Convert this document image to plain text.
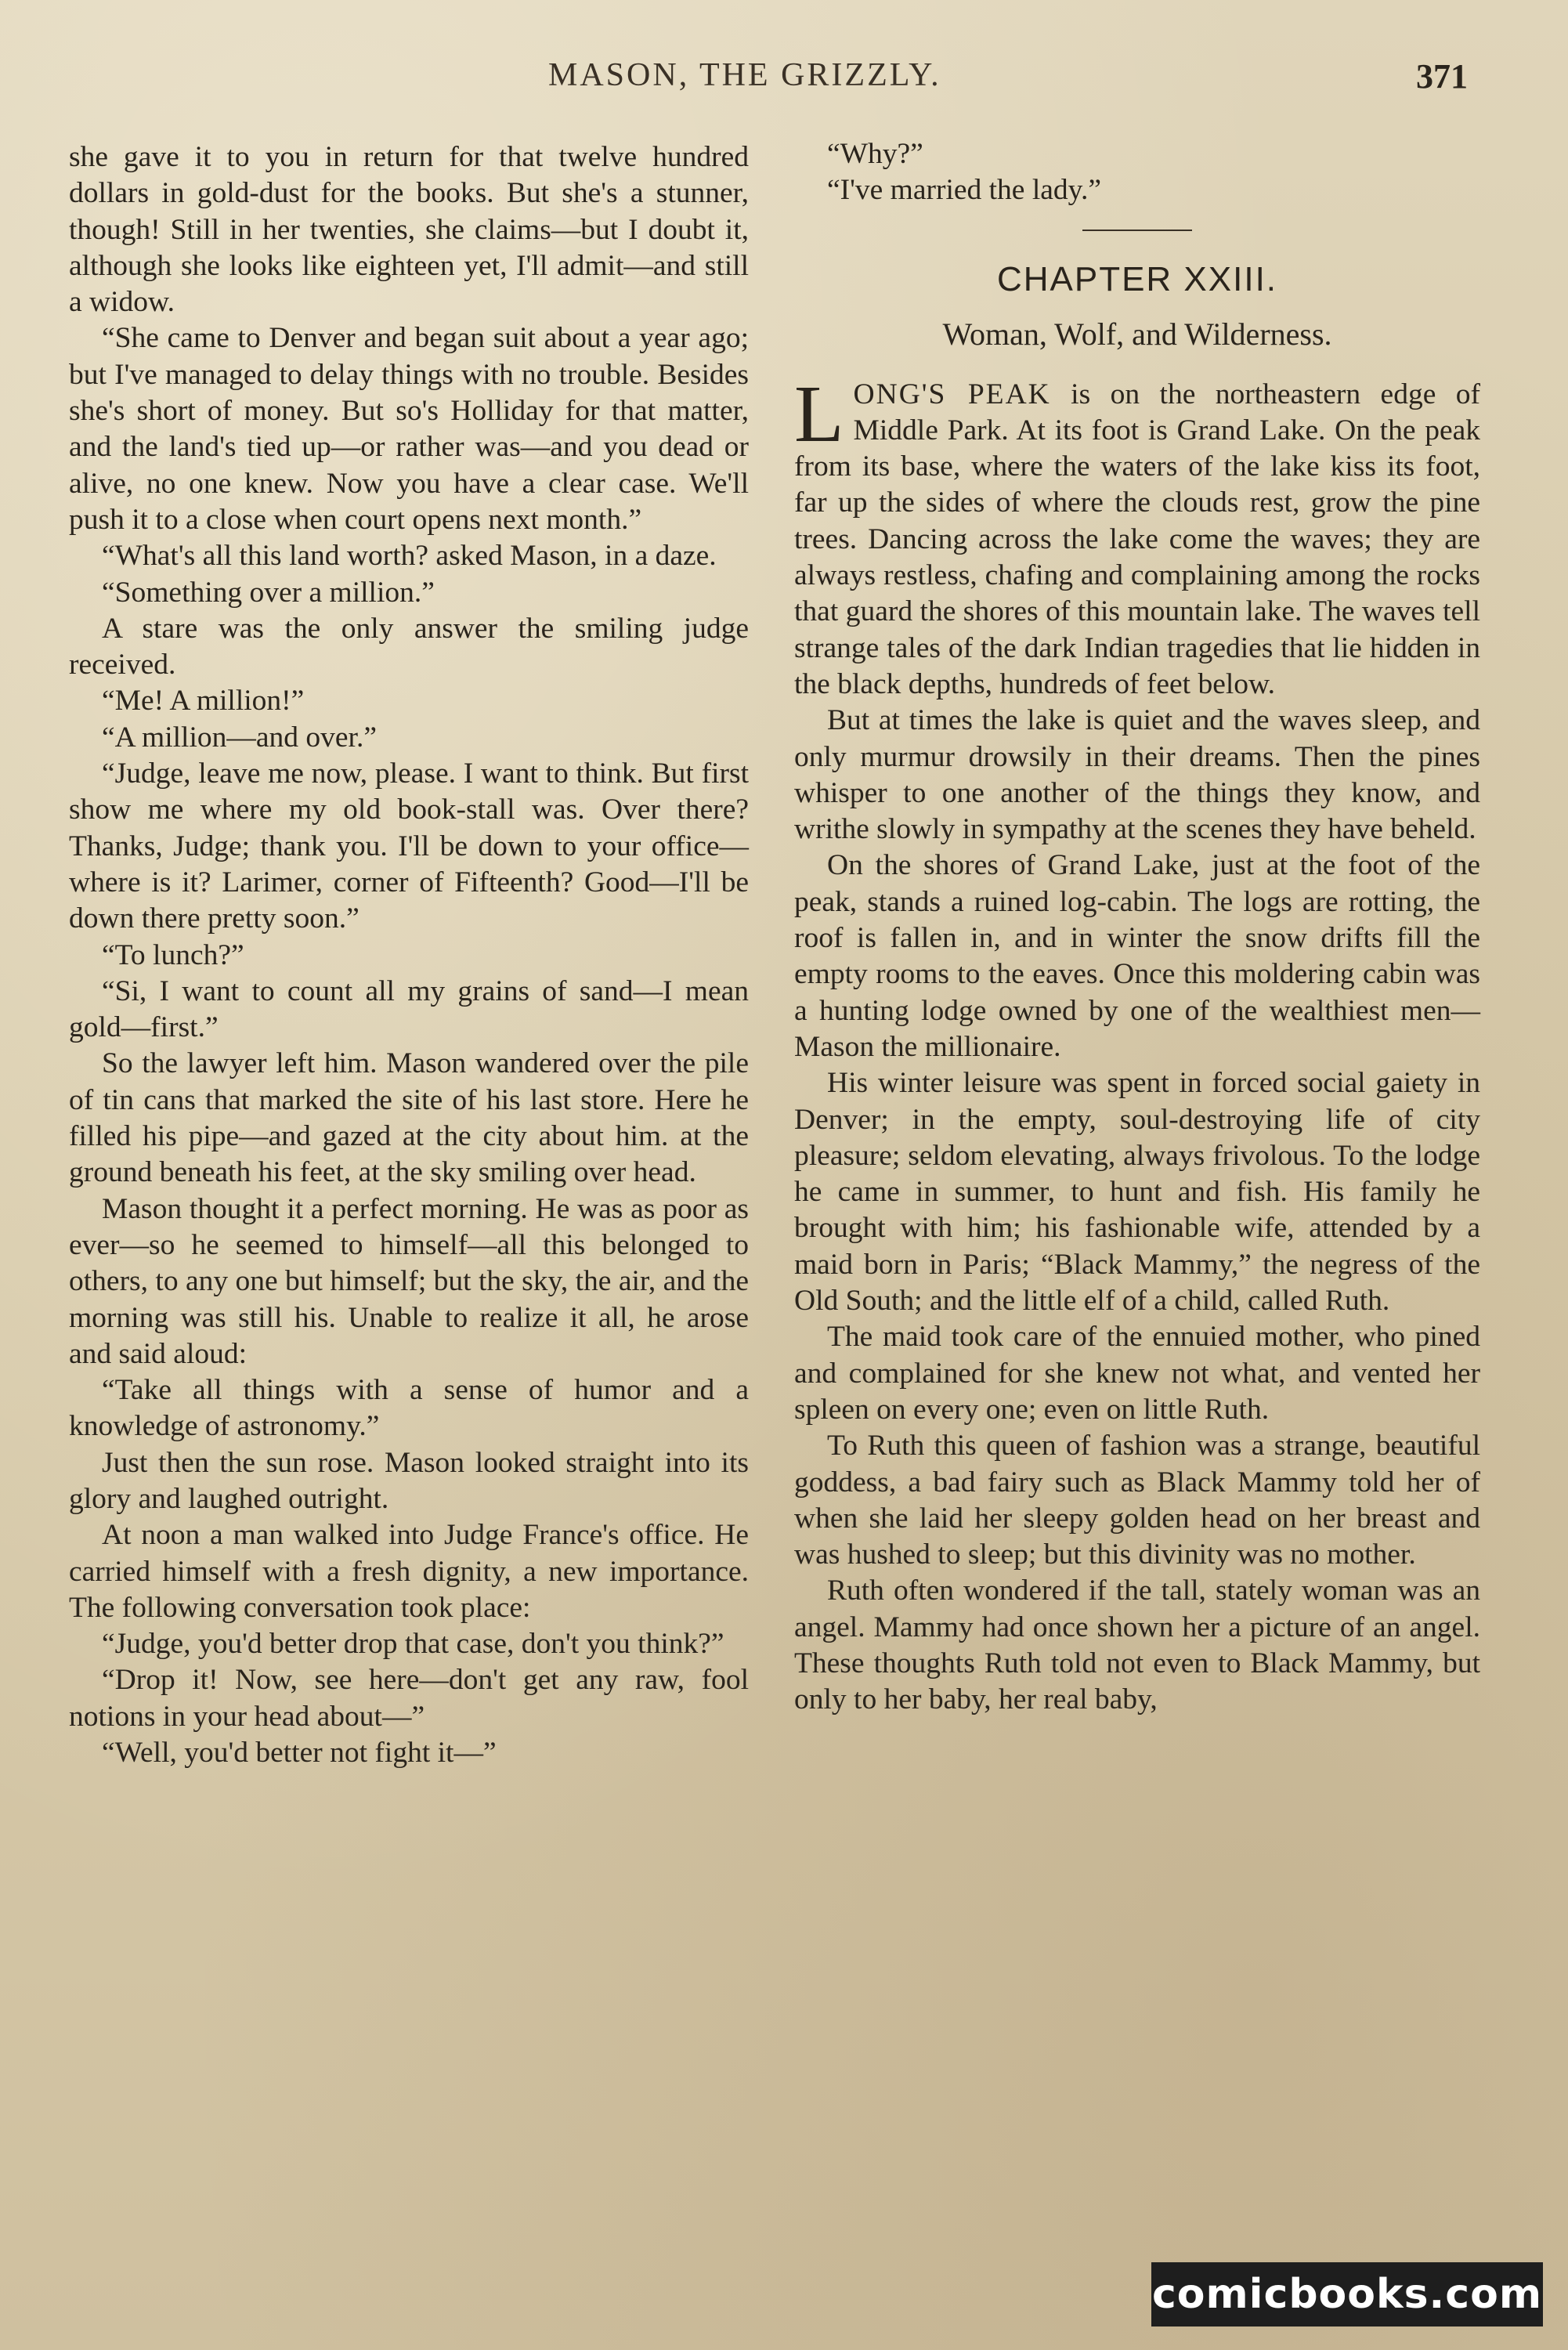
MASON, THE GRIZZLY.	371

she gave it to you in return for that twelve hundred dollars in gold-dust for the books. But she's a stunner, though! Still in her twenties, she claims—but I doubt it, although she looks like eighteen yet, I'll admit—and still a widow.

“She came to Denver and began suit about a year ago; but I've managed to delay things with no trouble. Besides she's short of money. But so's Holliday for that matter, and the land's tied up—or rather was—and you dead or alive, no one knew. Now you have a clear case. We'll push it to a close when court opens next month.”

“What's all this land worth? asked Mason, in a daze.

“Something over a million.”

A stare was the only answer the smiling judge received.

“Me! A million!”

“A million—and over.”

“Judge, leave me now, please. I want to think. But first show me where my old book-stall was. Over there? Thanks, Judge; thank you. I'll be down to your office—where is it? Larimer, corner of Fifteenth? Good—I'll be down there pretty soon.”

“To lunch?”

“Si, I want to count all my grains of sand—I mean gold—first.”

So the lawyer left him. Mason wandered over the pile of tin cans that marked the site of his last store. Here he filled his pipe—and gazed at the city about him. at the ground beneath his feet, at the sky smiling over head.

Mason thought it a perfect morning. He was as poor as ever—so he seemed to himself—all this belonged to others, to any one but himself; but the sky, the air, and the morning was still his. Unable to realize it all, he arose and said aloud:

“Take all things with a sense of humor and a knowledge of astronomy.”

Just then the sun rose. Mason looked straight into its glory and laughed outright.

At noon a man walked into Judge France's office. He carried himself with a fresh dignity, a new importance. The following conversation took place:

“Judge, you'd better drop that case, don't you think?”

“Drop it! Now, see here—don't get any raw, fool notions in your head about—”

“Well, you'd better not fight it—”

“Why?”

“I've married the lady.”

CHAPTER XXIII.
Woman, Wolf, and Wilderness.

LONG'S PEAK is on the northeastern edge of Middle Park. At its foot is Grand Lake. On the peak from its base, where the waters of the lake kiss its foot, far up the sides of where the clouds rest, grow the pine trees. Dancing across the lake come the waves; they are always restless, chafing and complaining among the rocks that guard the shores of this mountain lake. The waves tell strange tales of the dark Indian tragedies that lie hidden in the black depths, hundreds of feet below.

But at times the lake is quiet and the waves sleep, and only murmur drowsily in their dreams. Then the pines whisper to one another of the things they know, and writhe slowly in sympathy at the scenes they have beheld.

On the shores of Grand Lake, just at the foot of the peak, stands a ruined log-cabin. The logs are rotting, the roof is fallen in, and in winter the snow drifts fill the empty rooms to the eaves. Once this moldering cabin was a hunting lodge owned by one of the wealthiest men—Mason the millionaire.

His winter leisure was spent in forced social gaiety in Denver; in the empty, soul-destroying life of city pleasure; seldom elevating, always frivolous. To the lodge he came in summer, to hunt and fish. His family he brought with him; his fashionable wife, attended by a maid born in Paris; “Black Mammy,” the negress of the Old South; and the little elf of a child, called Ruth.

The maid took care of the ennuied mother, who pined and complained for she knew not what, and vented her spleen on every one; even on little Ruth.

To Ruth this queen of fashion was a strange, beautiful goddess, a bad fairy such as Black Mammy told her of when she laid her sleepy golden head on her breast and was hushed to sleep; but this divinity was no mother.

Ruth often wondered if the tall, stately woman was an angel. Mammy had once shown her a picture of an angel. These thoughts Ruth told not even to Black Mammy, but only to her baby, her real baby,

comicbooks.com
